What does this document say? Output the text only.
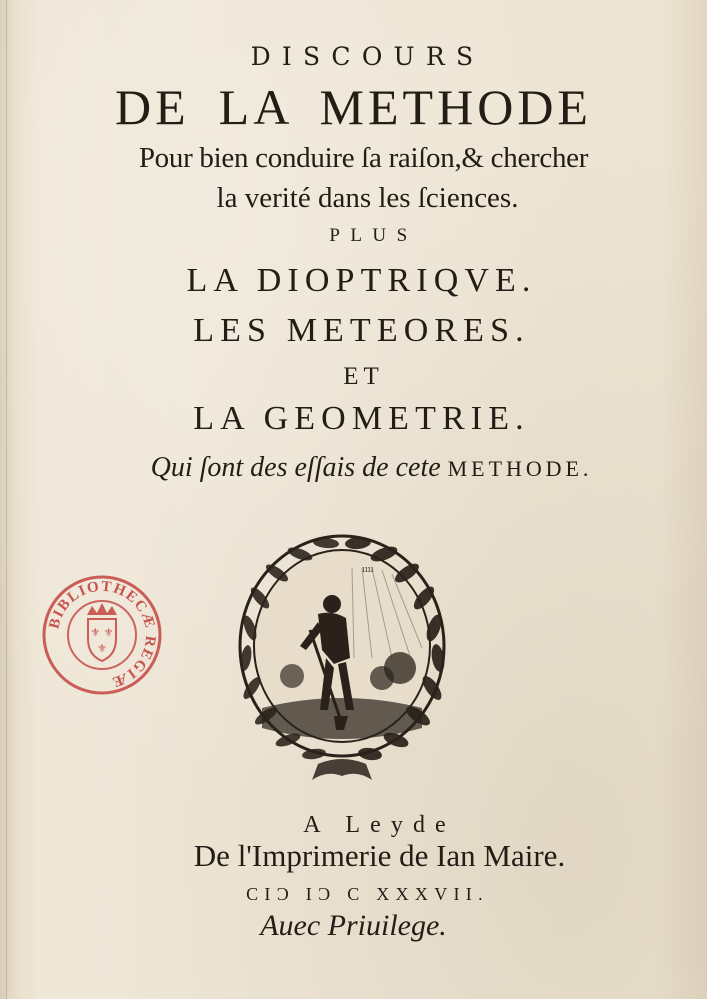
DISCOURS
DE LA METHODE
Pour bien conduire ſa raiſon,& chercher
la verité dans les ſciences.
PLUS
LA DIOPTRIQVE.
LES METEORES.
ET
LA GEOMETRIE.
Qui ſont des eſſais de cete METHODE.
BIBLIOTHECÆ REGIÆ
⚜ ⚜
⚜
ıııı
A Leyde
De l'Imprimerie de Ian Maire.
CIƆ IƆ C XXXVII.
Auec Priuilege.
